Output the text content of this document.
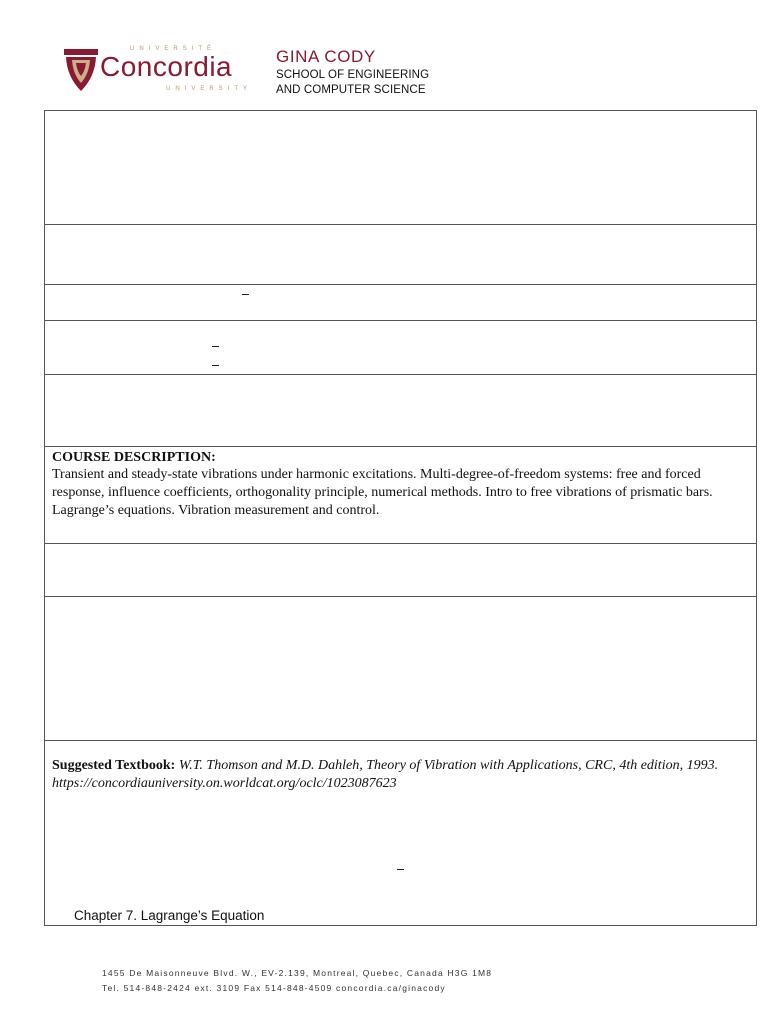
UNIVERSITÉ
Concordia
UNIVERSITY
GINA CODY
SCHOOL OF ENGINEERING
AND COMPUTER SCIENCE
COURSE DESCRIPTION:
Transient and steady-state vibrations under harmonic excitations. Multi-degree-of-freedom systems: free and forced response, influence coefficients, orthogonality principle, numerical methods. Intro to free vibrations of prismatic bars. Lagrange’s equations. Vibration measurement and control.
Suggested Textbook: W.T. Thomson and M.D. Dahleh, Theory of Vibration with Applications, CRC, 4th edition, 1993. https://concordiauniversity.on.worldcat.org/oclc/1023087623
Chapter 7. Lagrange’s Equation
1455 De Maisonneuve Blvd. W., EV-2.139, Montreal, Quebec, Canada H3G 1M8
Tel. 514-848-2424 ext. 3109 Fax 514-848-4509 concordia.ca/ginacody
